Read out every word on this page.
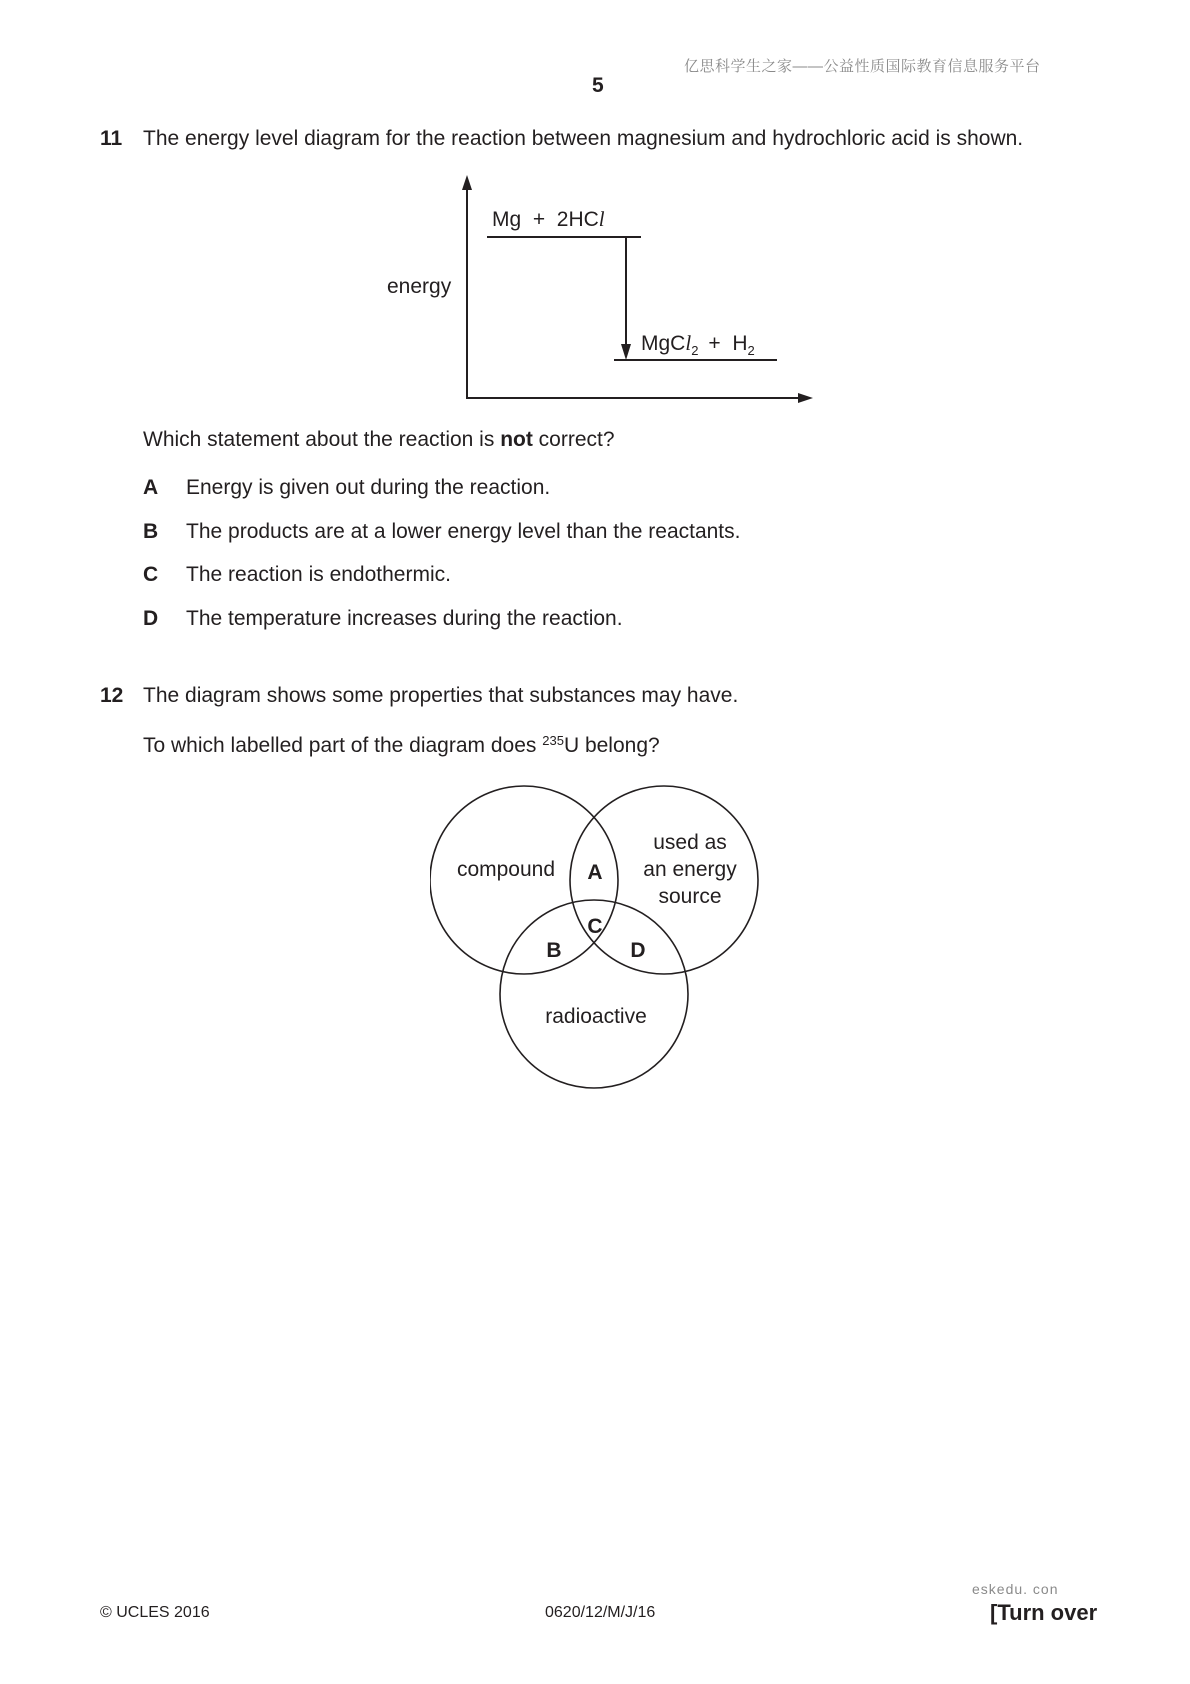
亿思科学生之家——公益性质国际教育信息服务平台
5
11 The energy level diagram for the reaction between magnesium and hydrochloric acid is shown.
energy
Mg  +  2HCl
MgCl$_2$ +  $H_2$
Which statement about the reaction is not correct?
A Energy is given out during the reaction.
B The products are at a lower energy level than the reactants.
C The reaction is endothermic.
D The temperature increases during the reaction.
12 The diagram shows some properties that substances may have.
To which labelled part of the diagram does $^{235}$U belong?
compound
used as
an energy
source
radioactive
A
C
B	D
eskedu. con
© UCLES 2016	0620/12/M/J/16	[Turn over
